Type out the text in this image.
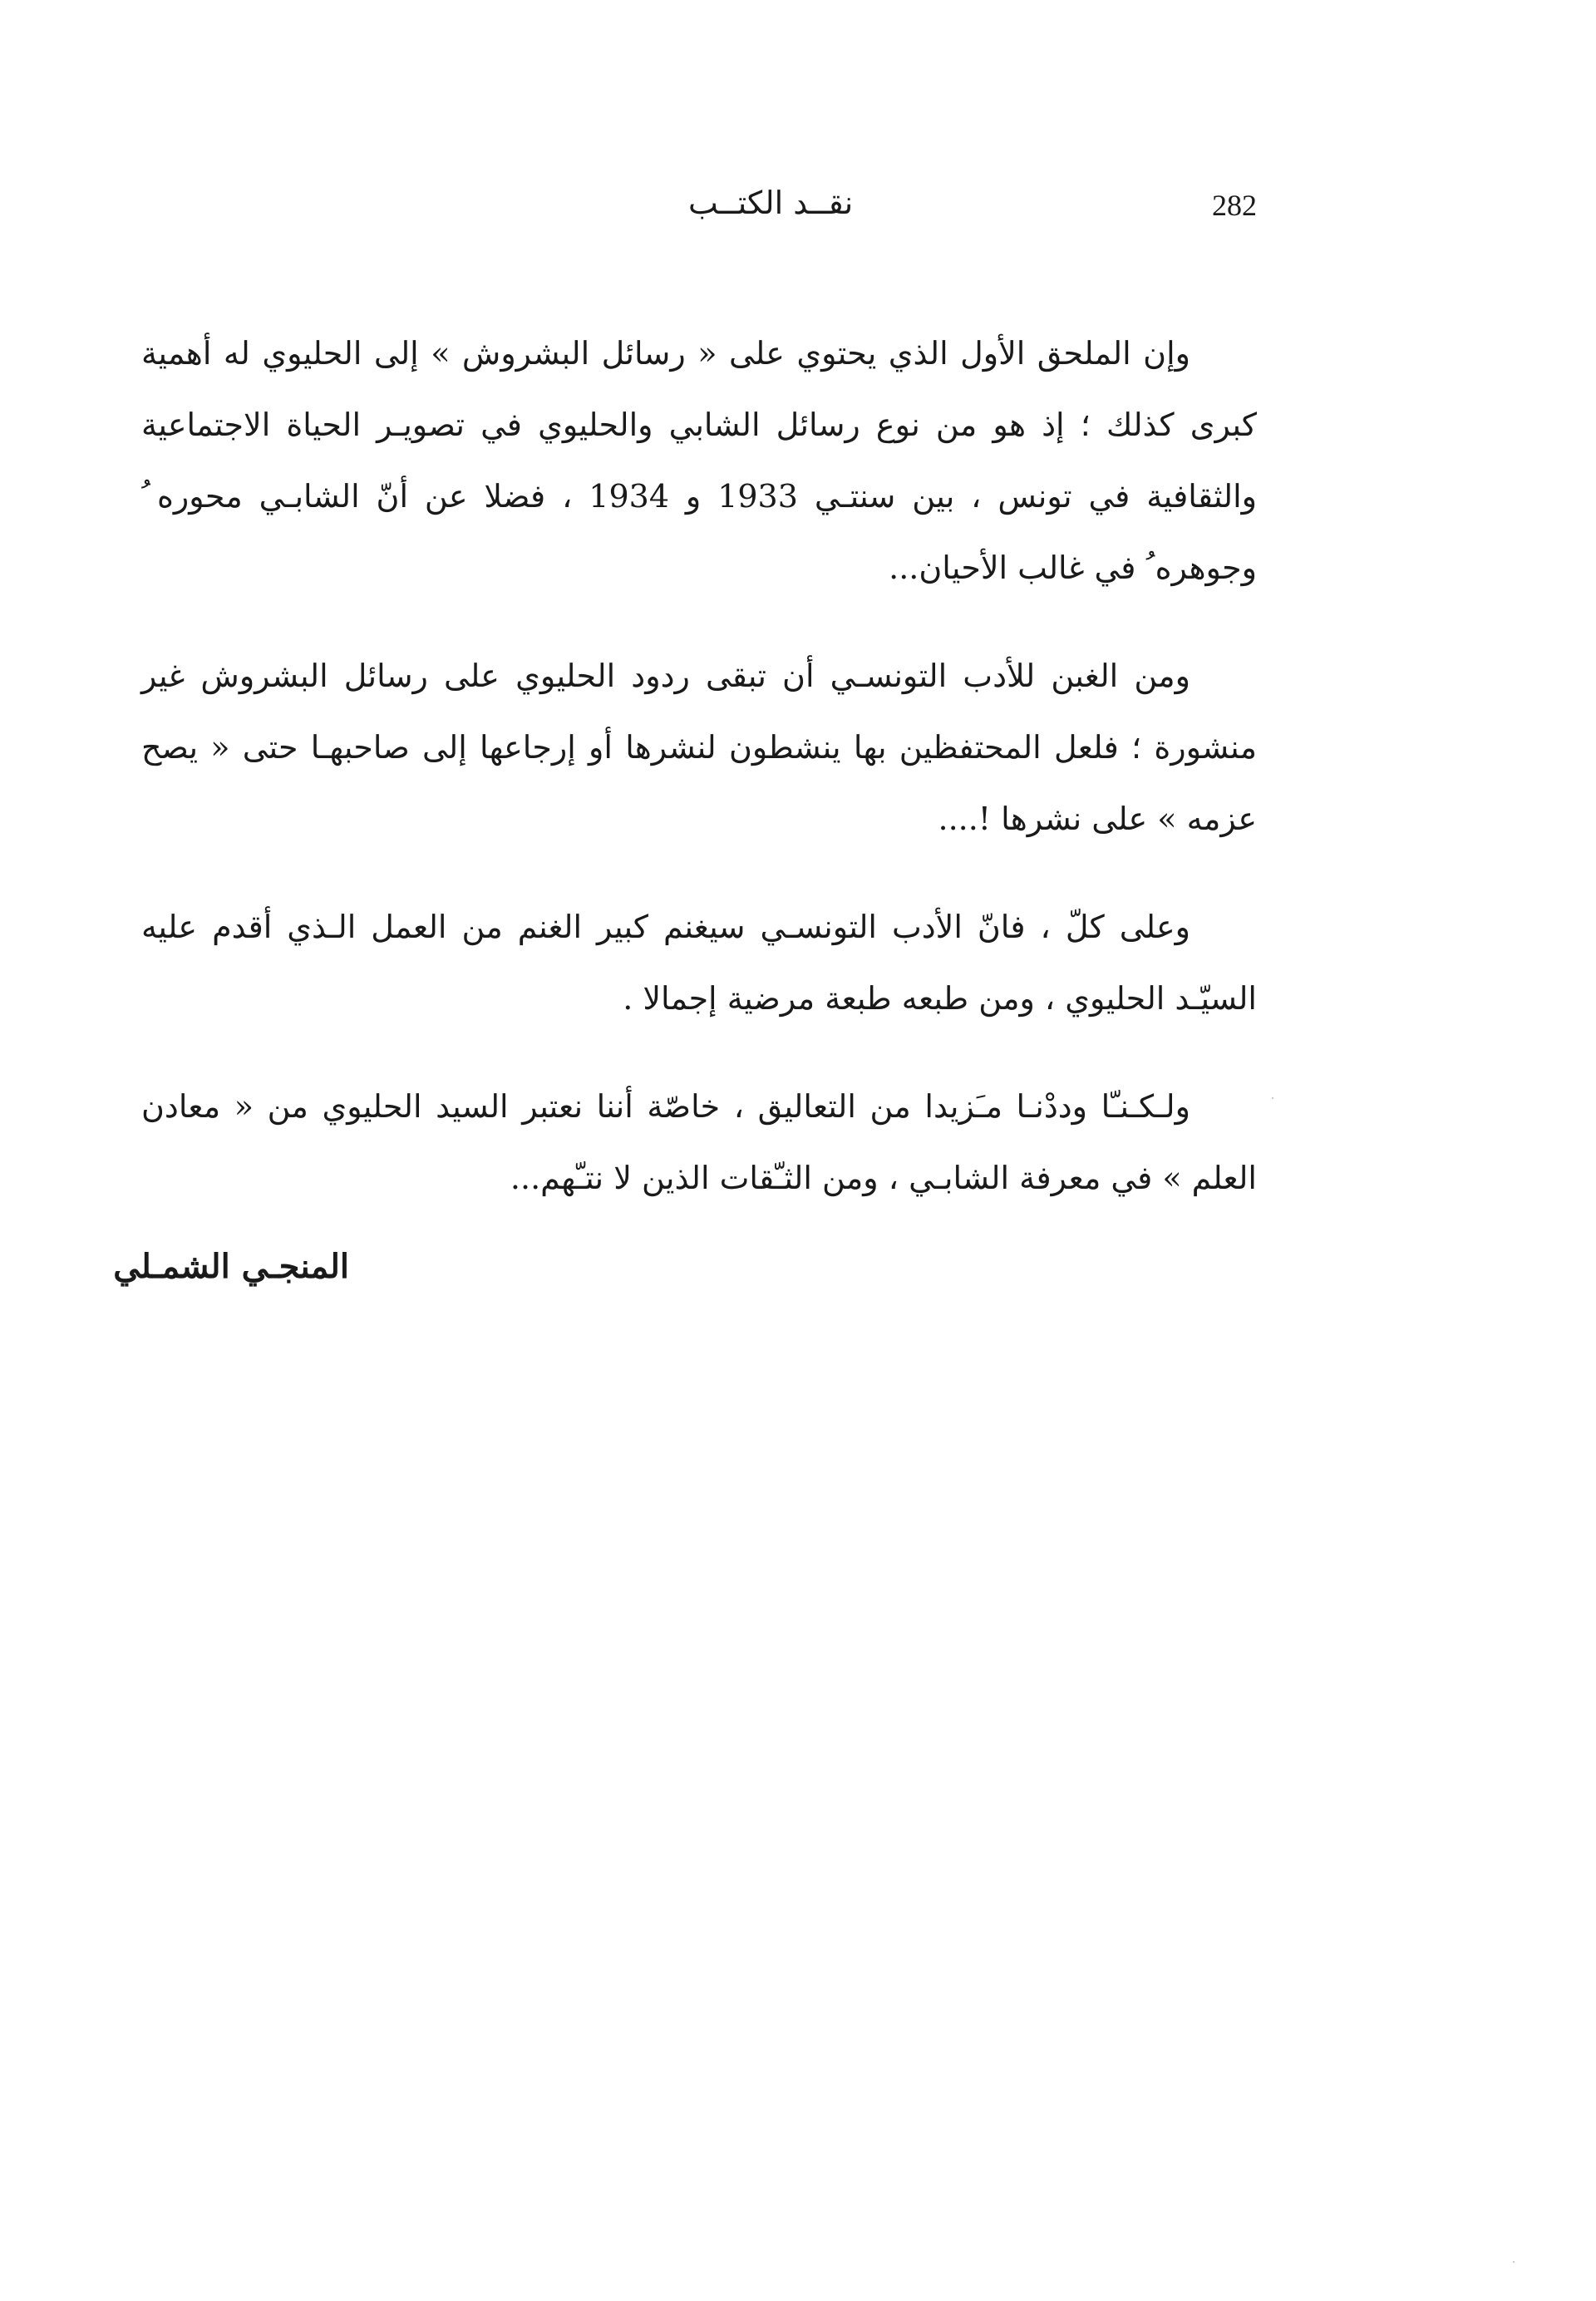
282
نقــد الكتــب

وإن الملحق الأول الذي يحتوي على « رسائل البشروش » إلى الحليوي له أهمية كبرى كذلك ؛ إذ هو من نوع رسائل الشابي والحليوي في تصويـر الحياة الاجتماعية والثقافية في تونس ، بين سنتـي 1933 و 1934 ، فضلا عن أنّ الشابـي محوره ُ وجوهره ُ في غالب الأحيان...

ومن الغبن للأدب التونسـي أن تبقى ردود الحليوي على رسائل البشروش غير منشورة ؛ فلعل المحتفظين بها ينشطون لنشرها أو إرجاعها إلى صاحبهـا حتى « يصح عزمه » على نشرها !....

وعلى كلّ ، فانّ الأدب التونسـي سيغنم كبير الغنم من العمل الـذي أقدم عليه السيّـد الحليوي ، ومن طبعه طبعة مرضية إجمالا .

ولـكـنـّا وددْنـا مـَزيدا من التعاليق ، خاصّة أننا نعتبر السيد الحليوي من « معادن العلم » في معرفة الشابـي ، ومن الثـّقات الذين لا نتـّهم...

المنجـي الشمـلي
